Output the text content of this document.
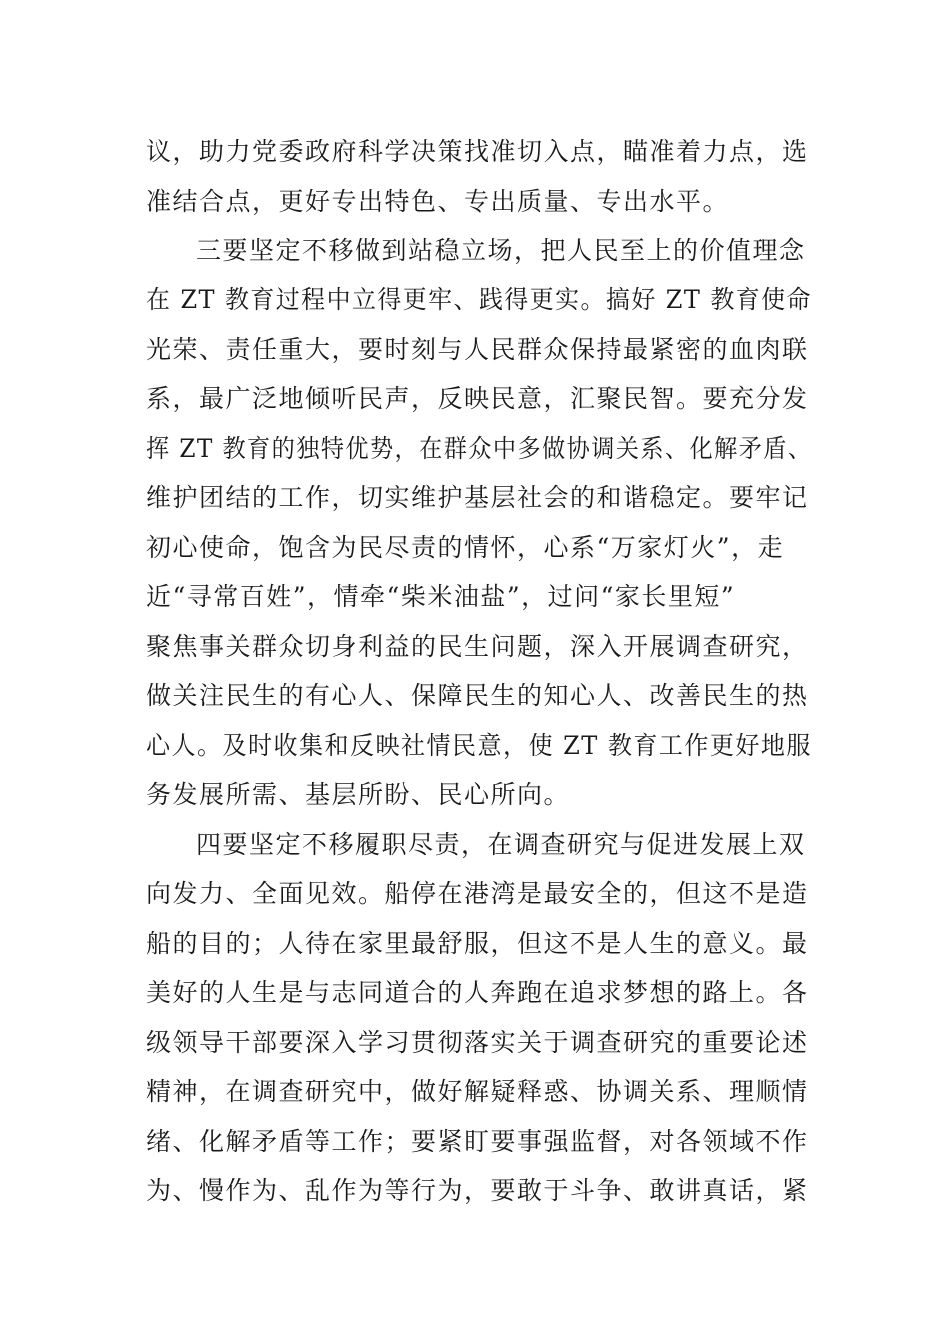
议，助力党委政府科学决策找准切入点，瞄准着力点，选
准结合点，更好专出特色、专出质量、专出水平。
三要坚定不移做到站稳立场，把人民至上的价值理念
在 ZT 教育过程中立得更牢、践得更实。搞好 ZT 教育使命
光荣、责任重大，要时刻与人民群众保持最紧密的血肉联
系，最广泛地倾听民声，反映民意，汇聚民智。要充分发
挥 ZT 教育的独特优势，在群众中多做协调关系、化解矛盾、
维护团结的工作，切实维护基层社会的和谐稳定。要牢记
初心使命，饱含为民尽责的情怀，心系“万家灯火”，走
近“寻常百姓”，情牵“柴米油盐”，过问“家长里短”
聚焦事关群众切身利益的民生问题，深入开展调查研究，
做关注民生的有心人、保障民生的知心人、改善民生的热
心人。及时收集和反映社情民意，使 ZT 教育工作更好地服
务发展所需、基层所盼、民心所向。
四要坚定不移履职尽责，在调查研究与促进发展上双
向发力、全面见效。船停在港湾是最安全的，但这不是造
船的目的；人待在家里最舒服，但这不是人生的意义。最
美好的人生是与志同道合的人奔跑在追求梦想的路上。各
级领导干部要深入学习贯彻落实关于调查研究的重要论述
精神，在调查研究中，做好解疑释惑、协调关系、理顺情
绪、化解矛盾等工作；要紧盯要事强监督，对各领域不作
为、慢作为、乱作为等行为，要敢于斗争、敢讲真话，紧
